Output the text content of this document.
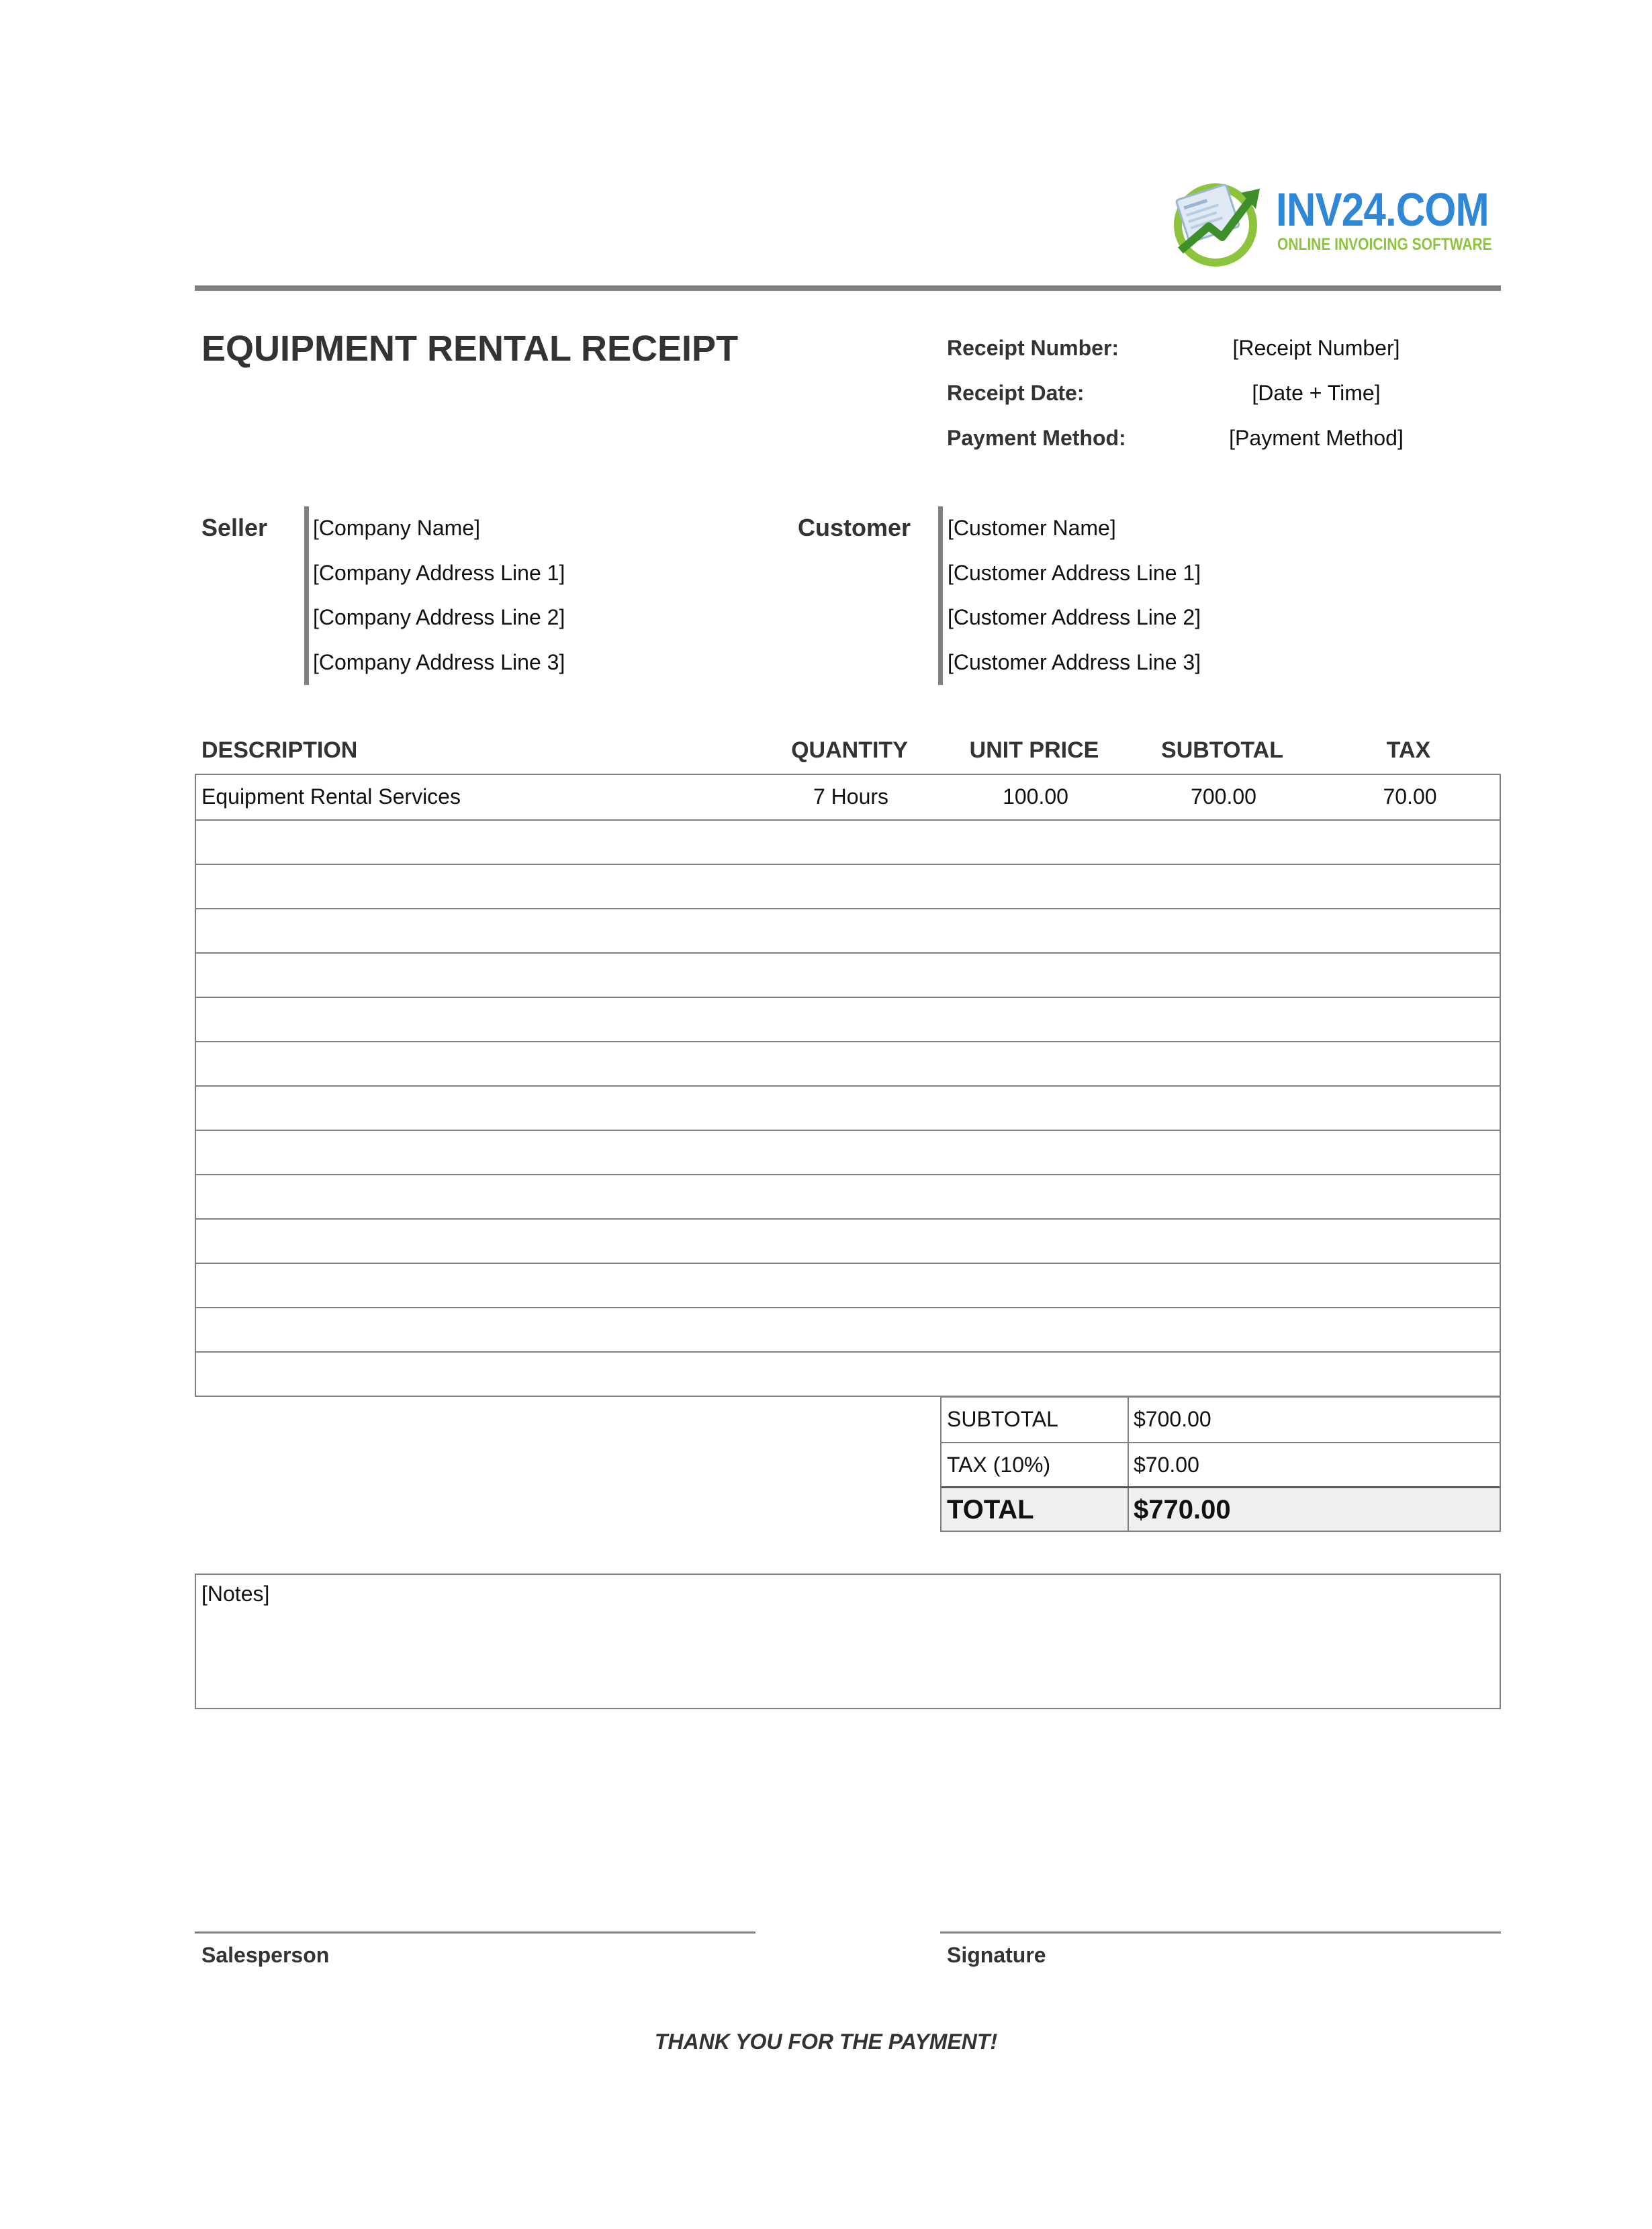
INV24.COM
ONLINE INVOICING SOFTWARE
EQUIPMENT RENTAL RECEIPT	Receipt Number:	[Receipt Number]
Receipt Date:	[Date + Time]
Payment Method:	[Payment Method]
Seller [Company Name]
[Company Address Line 1]
[Company Address Line 2]
[Company Address Line 3]
Customer [Customer Name]
[Customer Address Line 1]
[Customer Address Line 2]
[Customer Address Line 3]
DESCRIPTION	QUANTITY	UNIT PRICE	SUBTOTAL	TAX
Equipment Rental Services	7 Hours	100.00	700.00	70.00
SUBTOTAL	$700.00
TAX (10%)	$70.00
TOTAL	$770.00
[Notes]
Salesperson	Signature
THANK YOU FOR THE PAYMENT!
